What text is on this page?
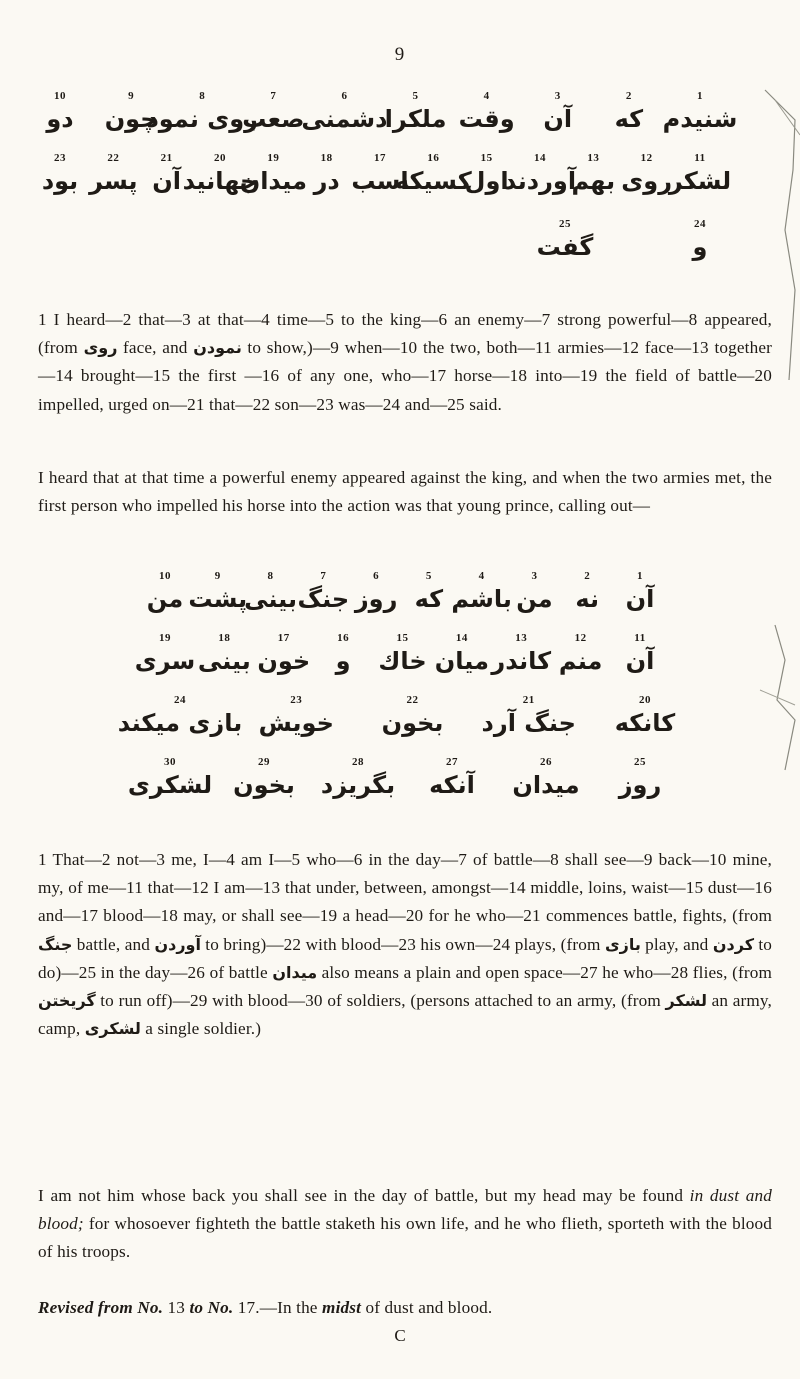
9
1
شنيدم
2
كه
3
آن
4
وقت
5
ملكرا
6
دشمنى
7
صعب
8
روى نمود
9
چون
10
دو
11
لشكر
12
روى
13
بهم
14
آوردند
15
اول
16
كسيكه
17
اسب
18
در
19
ميدان
20
جهانيد
21
آن
22
پسر
23
بود
24
و
25
گفت

1 I heard—2 that—3 at that—4 time—5 to the king—6 an enemy—7 strong powerful—8 appeared, (from روى face, and نمودن to show,)—9 when—10 the two, both—11 armies—12 face—13 together—14 brought—15 the first —16 of any one, who—17 horse—18 into—19 the field of battle—20 impelled, urged on—21 that—22 son—23 was—24 and—25 said.

I heard that at that time a powerful enemy appeared against the king, and when the two armies met, the first person who impelled his horse into the action was that young prince, calling out—

1
آن
2
نه
3
من
4
باشم
5
كه
6
روز
7
جنگ
8
بينى
9
پشت
10
من
11
آن
12
منم
13
كاندر
14
ميان
15
خاك
16
و
17
خون
18
بينى
19
سرى
20
كانكه
21
جنگ آرد
22
بخون
23
خويش
24
بازى ميكند
25
روز
26
ميدان
27
آنكه
28
بگريزد
29
بخون
30
لشكرى

1 That—2 not—3 me, I—4 am I—5 who—6 in the day—7 of battle—8 shall see—9 back—10 mine, my, of me—11 that—12 I am—13 that under, between, amongst—14 middle, loins, waist—15 dust—16 and—17 blood—18 may, or shall see—19 a head—20 for he who—21 commences battle, fights, (from جنگ battle, and آوردن to bring)—22 with blood—23 his own—24 plays, (from بازى play, and كردن to do)—25 in the day—26 of battle ميدان also means a plain and open space—27 he who—28 flies, (from گريختن to run off)—29 with blood—30 of soldiers, (persons attached to an army, (from لشكر an army, camp, لشكرى a single soldier.)

I am not him whose back you shall see in the day of battle, but my head may be found in dust and blood; for whosoever fighteth the battle staketh his own life, and he who flieth, sporteth with the blood of his troops.

Revised from No. 13 to No. 17.—In the midst of dust and blood.

C
